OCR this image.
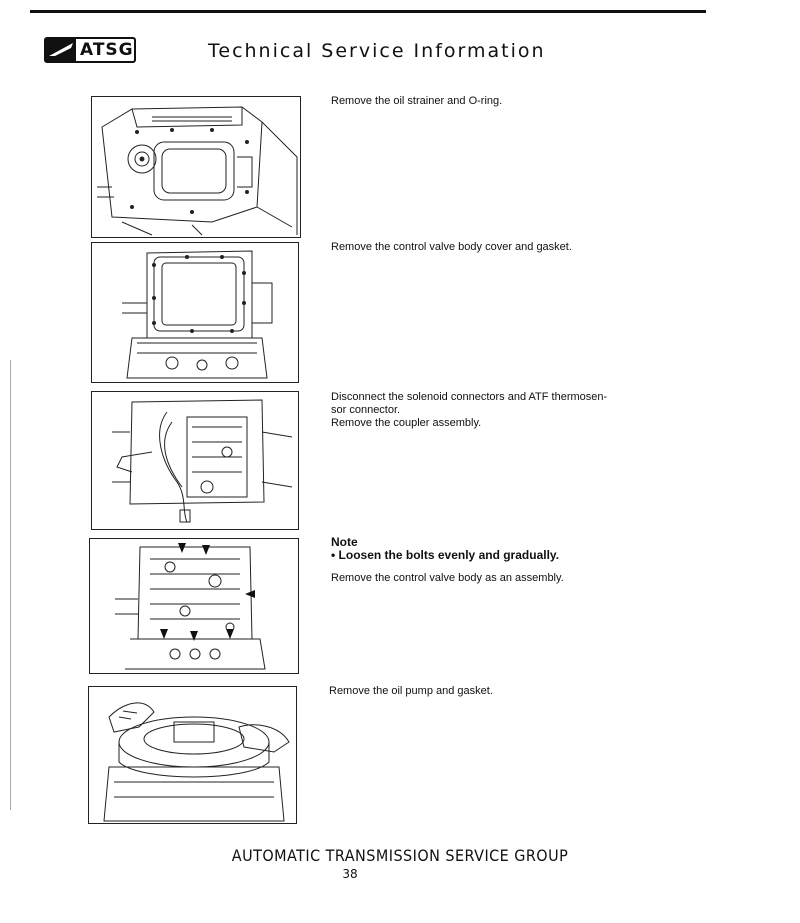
ATSG	Technical Service Information

Remove the oil strainer and O-ring.

Remove the control valve body cover and gasket.

Disconnect the solenoid connectors and ATF thermosen-

sor connector.

Remove the coupler assembly.

Note

• Loosen the bolts evenly and gradually.

Remove the control valve body as an assembly.

Remove the oil pump and gasket.

AUTOMATIC TRANSMISSION SERVICE GROUP
38
